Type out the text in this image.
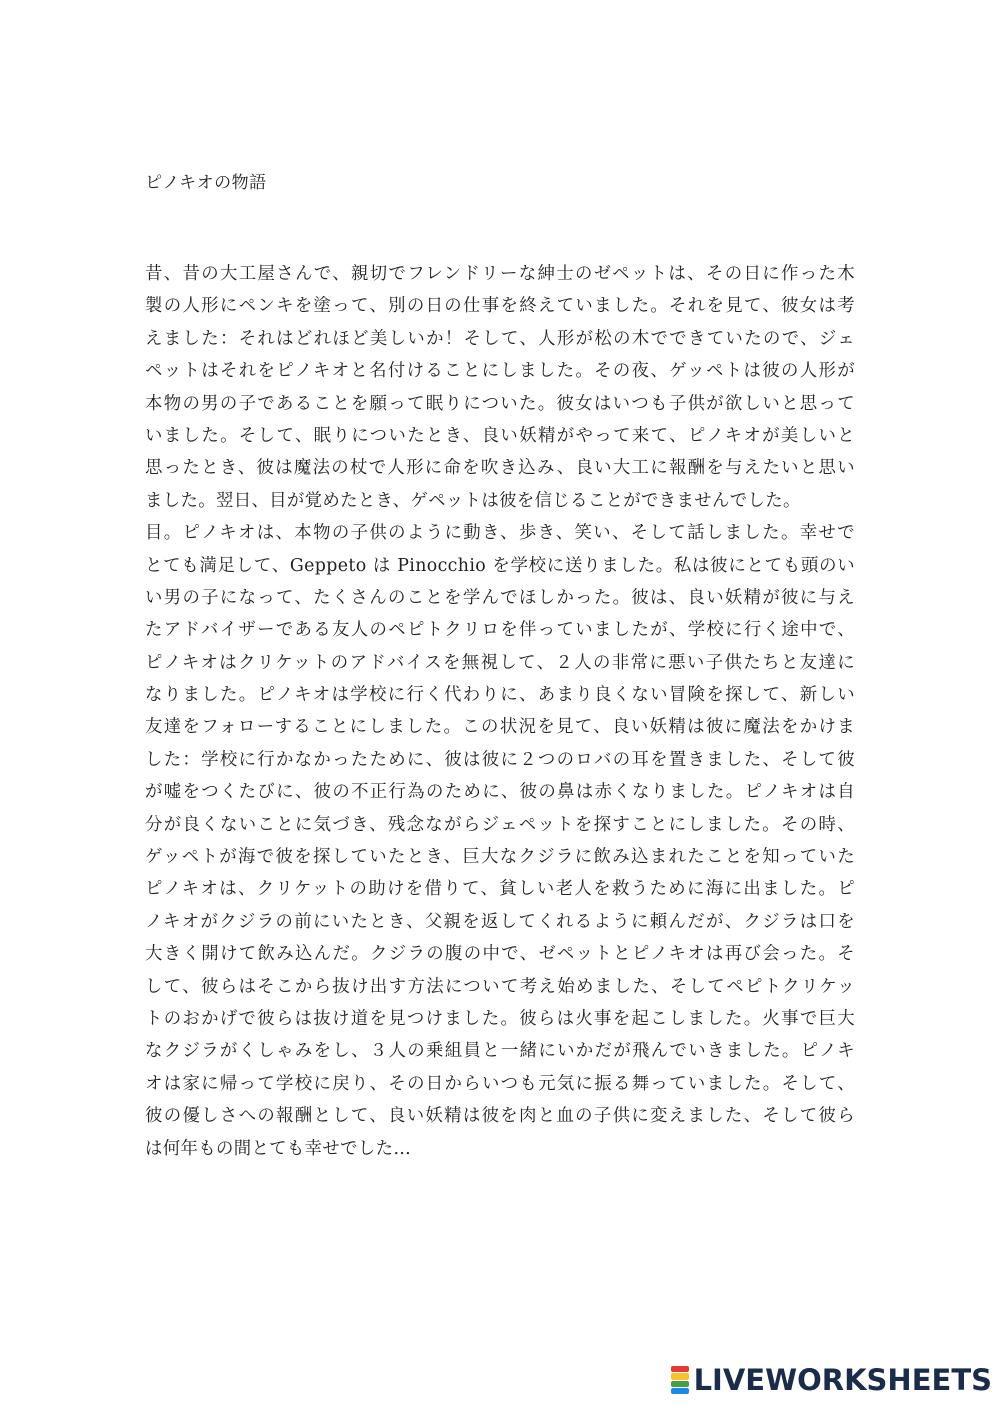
ピノキオの物語
昔、昔の大工屋さんで、親切でフレンドリーな紳士のゼペットは、その日に作った木
製の人形にペンキを塗って、別の日の仕事を終えていました。それを見て、彼女は考
えました：それはどれほど美しいか！そして、人形が松の木でできていたので、ジェ
ペットはそれをピノキオと名付けることにしました。その夜、ゲッペトは彼の人形が
本物の男の子であることを願って眠りについた。彼女はいつも子供が欲しいと思って
いました。そして、眠りについたとき、良い妖精がやって来て、ピノキオが美しいと
思ったとき、彼は魔法の杖で人形に命を吹き込み、良い大工に報酬を与えたいと思い
ました。翌日、目が覚めたとき、ゲペットは彼を信じることができませんでした。
目。ピノキオは、本物の子供のように動き、歩き、笑い、そして話しました。幸せで
とても満足して、Geppeto は Pinocchio を学校に送りました。私は彼にとても頭のい
い男の子になって、たくさんのことを学んでほしかった。彼は、良い妖精が彼に与え
たアドバイザーである友人のペピトクリロを伴っていましたが、学校に行く途中で、
ピノキオはクリケットのアドバイスを無視して、２人の非常に悪い子供たちと友達に
なりました。ピノキオは学校に行く代わりに、あまり良くない冒険を探して、新しい
友達をフォローすることにしました。この状況を見て、良い妖精は彼に魔法をかけま
した：学校に行かなかったために、彼は彼に２つのロバの耳を置きました、そして彼
が嘘をつくたびに、彼の不正行為のために、彼の鼻は赤くなりました。ピノキオは自
分が良くないことに気づき、残念ながらジェペットを探すことにしました。その時、
ゲッペトが海で彼を探していたとき、巨大なクジラに飲み込まれたことを知っていた
ピノキオは、クリケットの助けを借りて、貧しい老人を救うために海に出ました。ピ
ノキオがクジラの前にいたとき、父親を返してくれるように頼んだが、クジラは口を
大きく開けて飲み込んだ。クジラの腹の中で、ゼペットとピノキオは再び会った。そ
して、彼らはそこから抜け出す方法について考え始めました、そしてペピトクリケッ
トのおかげで彼らは抜け道を見つけました。彼らは火事を起こしました。火事で巨大
なクジラがくしゃみをし、３人の乗組員と一緒にいかだが飛んでいきました。ピノキ
オは家に帰って学校に戻り、その日からいつも元気に振る舞っていました。そして、
彼の優しさへの報酬として、良い妖精は彼を肉と血の子供に変えました、そして彼ら
は何年もの間とても幸せでした…
LIVEWORKSHEETS
